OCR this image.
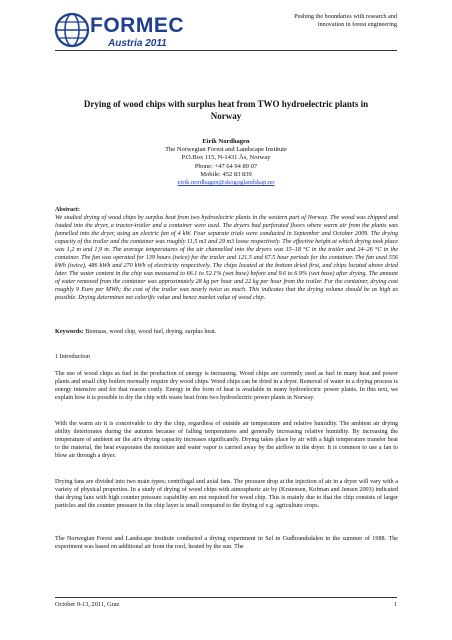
FORMEC
Austria 2011
Pushing the boundaries with research and
innovation in forest engineering
Drying of wood chips with surplus heat from TWO hydroelectric plants in
Norway
Eirik Nordhagen
The Norwegian Forest and Landscape Institute
P.O.Box 115, N-1431 Ås, Norway
Phone: +47 64 94 89 07
Mobile: 452 83 839
eirik.nordhagen@skogoglandskap.no
Abstract:
We studied drying of wood chips by surplus heat from two hydroelectric plants in the western part of Norway. The wood was chipped and loaded into the dryer, a tractor-trailer and a container were used. The dryers had perforated floors where warm air from the plants was funnelled into the dryer, using an electric fan of 4 kW. Four separate trials were conducted in September and October 2009. The drying capacity of the trailer and the container was roughly 11,5 m3 and 29 m3 loose respectively. The effective height at which drying took place was 1,2 m and 1,9 m. The average temperatures of the air channelled into the dryers was 15–18 °C in the trailer and 24–26 °C in the container. The fan was operated for 139 hours (twice) for the trailer and 121.5 and 67.5 hour periods for the container. The fan used 556 kWh (twice), 486 kWh and 270 kWh of electricity respectively. The chips located at the bottom dried first, and chips located above dried later. The water content in the chip was measured to 66.1 to 52.1% (wet base) before and 9.6 to 6.9% (wet base) after drying. The amount of water removed from the container was approximately 28 kg per hour and 22 kg per hour from the trailer. For the container, drying cost roughly 9 Euro per MWh; the cost of the trailer was nearly twice as much. This indicates that the drying volume should be as high as possible. Drying determines net calorific value and hence market value of wood chip.
Keywords: Biomass, wood chip, wood fuel, drying, surplus heat.
1 Introduction
The use of wood chips as fuel in the production of energy is increasing. Wood chips are currently used as fuel in many heat and power plants and small chip boilers normally require dry wood chips. Wood chips can be dried in a dryer. Removal of water in a drying process is energy intensive and for that reason costly. Energy in the form of heat is available in many hydroelectric power plants. In this text, we explain how it is possible to dry the chip with waste heat from two hydroelectric power plants in Norway.
With the warm air it is conceivable to dry the chip, regardless of outside air temperature and relative humidity. The ambient air drying ability deteriorates during the autumn because of falling temperatures and generally increasing relative humidity. By increasing the temperature of ambient air the air's drying capacity increases significantly. Drying takes place by air with a high temperature transfer heat to the material, the heat evaporates the moisture and water vapor is carried away by the airflow in the dryer. It is common to use a fan to blow air through a dryer.
Drying fans are divided into two main types; centrifugal and axial fans. The pressure drop at the injection of air in a dryer will vary with a variety of physical properties. In a study of drying of wood chips with atmospheric air by (Krstensen, Kofman and Jensen 2003) indicated that drying fans with high counter pressure capability are not required for wood chip. This is mainly due to that the chip consists of larger particles and the counter pressure in the chip layer is small compared to the drying of e.g. agriculture crops.
The Norwegian Forest and Landscape institute conducted a drying experiment in Sel in Gudbrandsdalen in the summer of 1988. The experiment was based on additional air from the roof, heated by the sun. The
October 9-13, 2011, Graz	1
